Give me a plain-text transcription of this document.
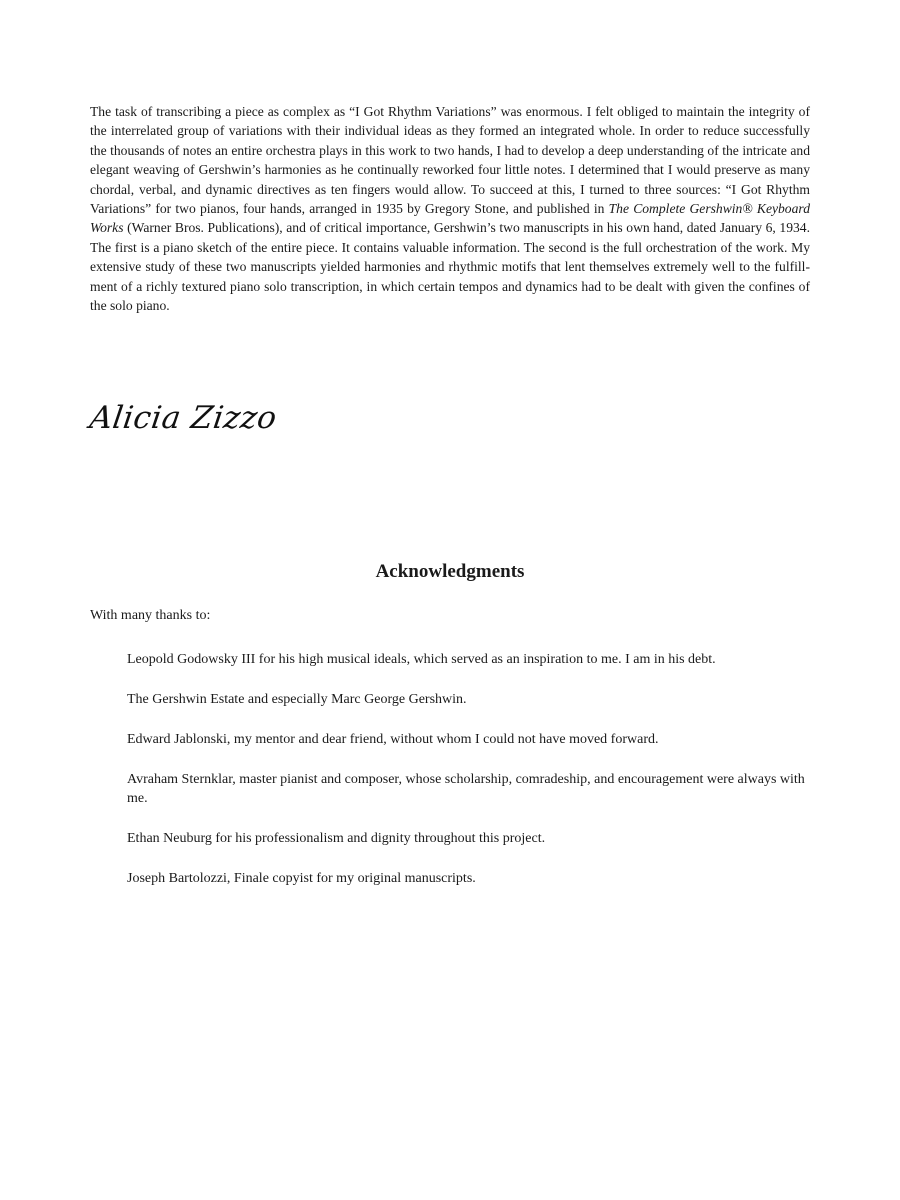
The task of transcribing a piece as complex as “I Got Rhythm Variations” was enormous. I felt obliged to maintain the integrity of the interrelated group of variations with their individual ideas as they formed an integrated whole. In order to reduce successfully the thousands of notes an entire orchestra plays in this work to two hands, I had to develop a deep understanding of the intricate and elegant weaving of Gershwin’s harmonies as he continually reworked four little notes. I determined that I would preserve as many chordal, verbal, and dynamic directives as ten fingers would allow. To succeed at this, I turned to three sources: “I Got Rhythm Variations” for two pianos, four hands, arranged in 1935 by Gregory Stone, and published in The Complete Gershwin® Keyboard Works (Warner Bros. Publications), and of critical importance, Gershwin’s two manuscripts in his own hand, dated January 6, 1934. The first is a piano sketch of the entire piece. It contains valuable information. The second is the full orchestration of the work. My extensive study of these two manuscripts yielded harmonies and rhythmic motifs that lent themselves extremely well to the fulfillment of a richly textured piano solo transcription, in which certain tempos and dynamics had to be dealt with given the confines of the solo piano.

Alicia Zizzo
Acknowledgments

With many thanks to:

Leopold Godowsky III for his high musical ideals, which served as an inspiration to me. I am in his debt.
The Gershwin Estate and especially Marc George Gershwin.
Edward Jablonski, my mentor and dear friend, without whom I could not have moved forward.
Avraham Sternklar, master pianist and composer, whose scholarship, comradeship, and encouragement were always with me.
Ethan Neuburg for his professionalism and dignity throughout this project.
Joseph Bartolozzi, Finale copyist for my original manuscripts.
